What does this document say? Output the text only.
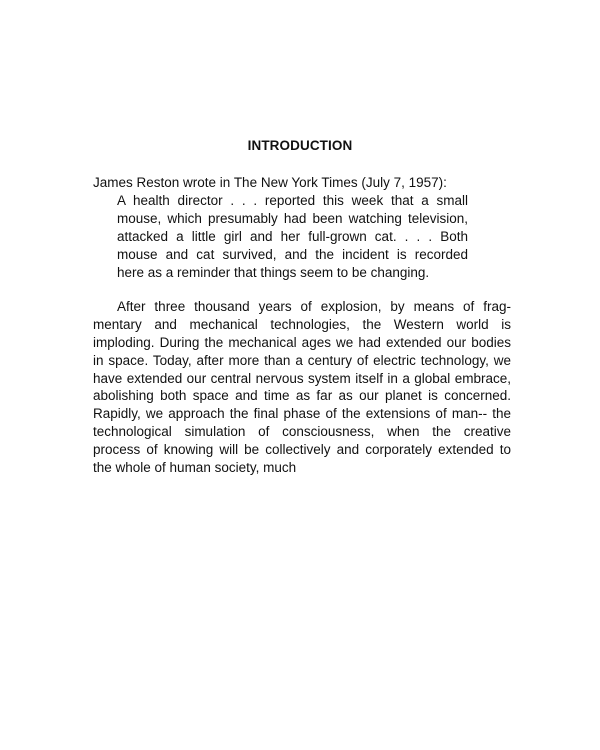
INTRODUCTION
James Reston wrote in The New York Times (July 7, 1957):
A health director . . . reported this week that a small
mouse, which presumably had been watching television,
attacked a little girl and her full-grown cat. . . . Both
mouse and cat survived, and the incident is recorded
here as a reminder that things seem to be changing.
After three thousand years of explosion, by means of frag-
mentary and mechanical technologies, the Western world is
imploding. During the mechanical ages we had extended our bodies
in space. Today, after more than a century of electric technology, we
have extended our central nervous system itself in a global embrace,
abolishing both space and time as far as our planet is concerned.
Rapidly, we approach the final phase of the extensions of man-- the
technological simulation of consciousness, when the creative
process of knowing will be collectively and corporately extended to
the whole of human society, much
